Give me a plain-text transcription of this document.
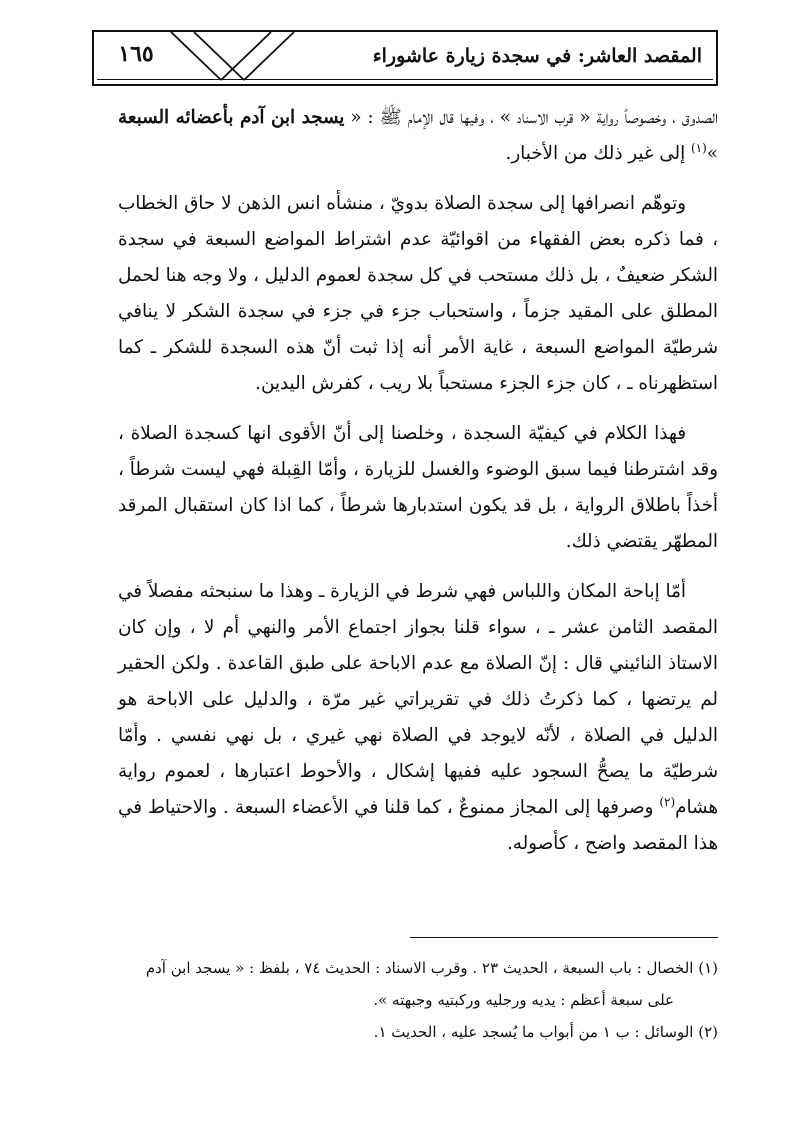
١٦٥	المقصد العاشر: في سجدة زيارة عاشوراء

الصدوق ، وخصوصاً رواية « قرب الاسناد » ، وفيها قال الإمام ﷺ : « يسجد ابن آدم بأعضائه السبعة »$^{(١)}$ إلى غير ذلك من الأخبار.

وتوهّم انصرافها إلى سجدة الصلاة بدويّ ، منشأه انس الذهن لا حاق الخطاب ، فما ذكره بعض الفقهاء من اقوائيّة عدم اشتراط المواضع السبعة في سجدة الشكر ضعيفٌ ، بل ذلك مستحب في كل سجدة لعموم الدليل ، ولا وجه هنا لحمل المطلق على المقيد جزماً ، واستحباب جزء في جزء في سجدة الشكر لا ينافي شرطيّة المواضع السبعة ، غاية الأمر أنه إذا ثبت أنّ هذه السجدة للشكر ـ كما استظهرناه ـ ، كان جزء الجزء مستحباً بلا ريب ، كفرش اليدين.

فهذا الكلام في كيفيّة السجدة ، وخلصنا إلى أنّ الأقوى انها كسجدة الصلاة ، وقد اشترطنا فيما سبق الوضوء والغسل للزيارة ، وأمّا القِبلة فهي ليست شرطاً ، أخذاً باطلاق الرواية ، بل قد يكون استدبارها شرطاً ، كما اذا كان استقبال المرقد المطهّر يقتضي ذلك.

أمّا إباحة المكان واللباس فهي شرط في الزيارة ـ وهذا ما سنبحثه مفصلاً في المقصد الثامن عشر ـ ، سواء قلنا بجواز اجتماع الأمر والنهي أم لا ، وإن كان الاستاذ النائيني قال : إنّ الصلاة مع عدم الاباحة على طبق القاعدة . ولكن الحقير لم يرتضها ، كما ذكرتُ ذلك في تقريراتي غير مرّة ، والدليل على الاباحة هو الدليل في الصلاة ، لأنّه لايوجد في الصلاة نهي غيري ، بل نهي نفسي . وأمّا شرطيّة ما يصحُّ السجود عليه ففيها إشكال ، والأحوط اعتبارها ، لعموم رواية هشام$^{(٢)}$ وصرفها إلى المجاز ممنوعٌ ، كما قلنا في الأعضاء السبعة . والاحتياط في هذا المقصد واضح ، كأصوله.

(١) الخصال : باب السبعة ، الحديث ٢٣ . وقرب الاسناد : الحديث ٧٤ ، بلفظ : « يسجد ابن آدم

على سبعة أعظم : يديه ورجليه وركبتيه وجبهته ».

(٢) الوسائل : ب ١ من أبواب ما يُسجد عليه ، الحديث ١.
